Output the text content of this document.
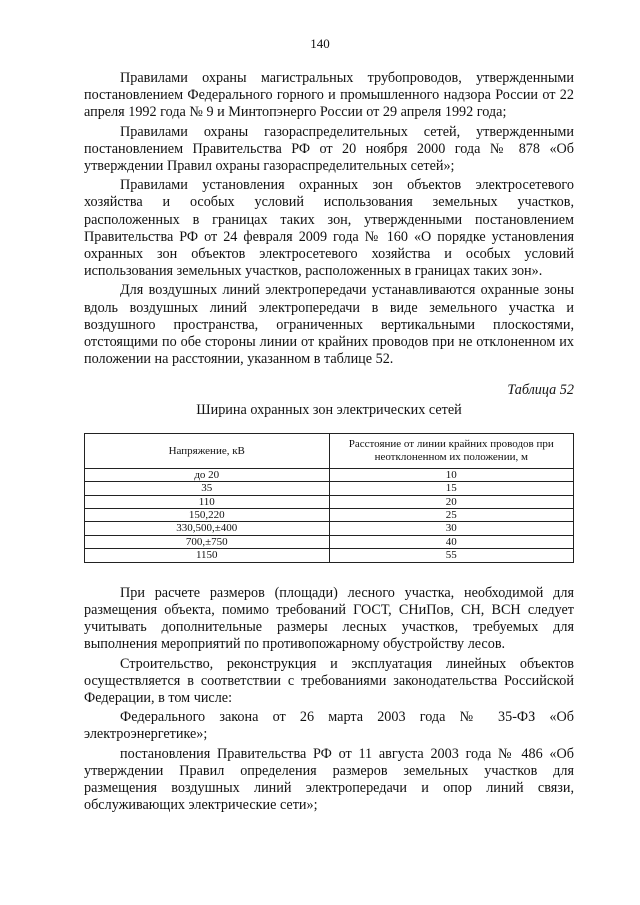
140

Правилами охраны магистральных трубопроводов, утвержденными постановлением Федерального горного и промышленного надзора России от 22 апреля 1992 года № 9 и Минтопэнерго России от 29 апреля 1992 года;

Правилами охраны газораспределительных сетей, утвержденными постановлением Правительства РФ от 20 ноября 2000 года № 878 «Об утверждении Правил охраны газораспределительных сетей»;

Правилами установления охранных зон объектов электросетевого хозяйства и особых условий использования земельных участков, расположенных в границах таких зон, утвержденными постановлением Правительства РФ от 24 февраля 2009 года № 160 «О порядке установления охранных зон объектов электросетевого хозяйства и особых условий использования земельных участков, расположенных в границах таких зон».

Для воздушных линий электропередачи устанавливаются охранные зоны вдоль воздушных линий электропередачи в виде земельного участка и воздушного пространства, ограниченных вертикальными плоскостями, отстоящими по обе стороны линии от крайних проводов при не отклоненном их положении на расстоянии, указанном в таблице 52.

Таблица 52
Ширина охранных зон электрических сетей
Напряжение, кВ	Расстояние от линии крайних проводов при неотклоненном их положении, м
до 20	10
35	15
110	20
150,220	25
330,500,±400	30
700,±750	40
1150	55

При расчете размеров (площади) лесного участка, необходимой для размещения объекта, помимо требований ГОСТ, СНиПов, СН, ВСН следует учитывать дополнительные размеры лесных участков, требуемых для выполнения мероприятий по противопожарному обустройству лесов.

Строительство, реконструкция и эксплуатация линейных объектов осуществляется в соответствии с требованиями законодательства Российской Федерации, в том числе:

Федерального закона от 26 марта 2003 года № 35-ФЗ «Об электроэнергетике»;

постановления Правительства РФ от 11 августа 2003 года № 486 «Об утверждении Правил определения размеров земельных участков для размещения воздушных линий электропередачи и опор линий связи, обслуживающих электрические сети»;
